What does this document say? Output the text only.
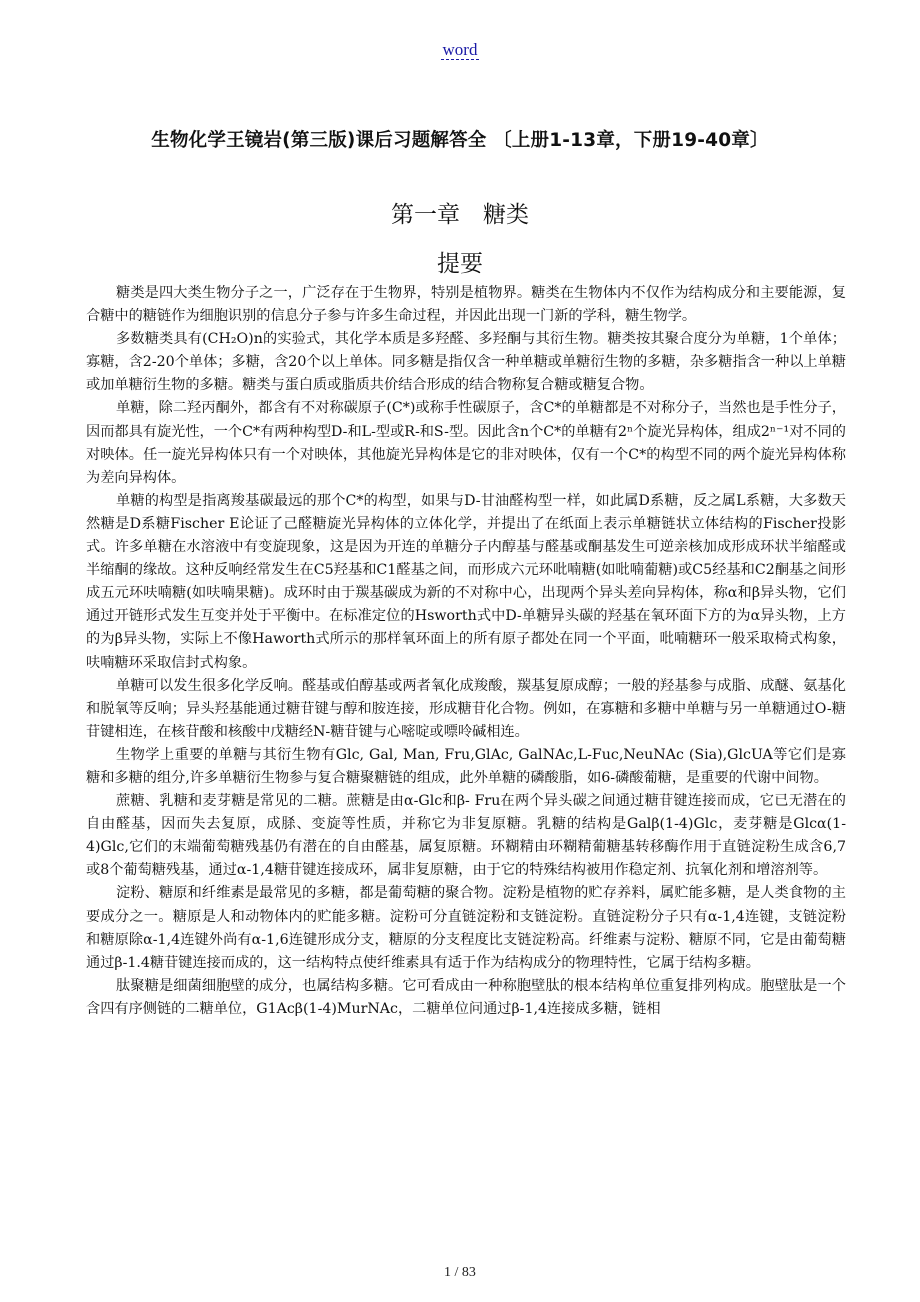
word
生物化学王镜岩(第三版)课后习题解答全 〔上册1-13章，下册19-40章〕
第一章　糖类
提要

糖类是四大类生物分子之一，广泛存在于生物界，特别是植物界。糖类在生物体内不仅作为结构成分和主要能源，复合糖中的糖链作为细胞识别的信息分子参与许多生命过程，并因此出现一门新的学科，糖生物学。

多数糖类具有(CH₂O)n的实验式，其化学本质是多羟醛、多羟酮与其衍生物。糖类按其聚合度分为单糖，1个单体；寡糖，含2-20个单体；多糖，含20个以上单体。同多糖是指仅含一种单糖或单糖衍生物的多糖，杂多糖指含一种以上单糖或加单糖衍生物的多糖。糖类与蛋白质或脂质共价结合形成的结合物称复合糖或糖复合物。

单糖，除二羟丙酮外，都含有不对称碳原子(C*)或称手性碳原子，含C*的单糖都是不对称分子，当然也是手性分子，因而都具有旋光性，一个C*有两种构型D-和L-型或R-和S-型。因此含n个C*的单糖有2ⁿ个旋光异构体，组成2ⁿ⁻¹对不同的对映体。任一旋光异构体只有一个对映体，其他旋光异构体是它的非对映体，仅有一个C*的构型不同的两个旋光异构体称为差向异构体。

单糖的构型是指离羧基碳最远的那个C*的构型，如果与D-甘油醛构型一样，如此属D系糖，反之属L系糖，大多数天然糖是D系糖Fischer E论证了己醛糖旋光异构体的立体化学，并提出了在纸面上表示单糖链状立体结构的Fischer投影式。许多单糖在水溶液中有变旋现象，这是因为开连的单糖分子内醇基与醛基或酮基发生可逆亲核加成形成环状半缩醛或半缩酮的缘故。这种反响经常发生在C5羟基和C1醛基之间，而形成六元环吡喃糖(如吡喃葡糖)或C5经基和C2酮基之间形成五元环呋喃糖(如呋喃果糖)。成环时由于羰基碳成为新的不对称中心，出现两个异头差向异构体，称α和β异头物，它们通过开链形式发生互变并处于平衡中。在标准定位的Hsworth式中D-单糖异头碳的羟基在氧环面下方的为α异头物，上方的为β异头物，实际上不像Haworth式所示的那样氧环面上的所有原子都处在同一个平面，吡喃糖环一般采取椅式构象，呋喃糖环采取信封式构象。

单糖可以发生很多化学反响。醛基或伯醇基或两者氧化成羧酸，羰基复原成醇；一般的羟基参与成脂、成醚、氨基化和脱氧等反响；异头羟基能通过糖苷键与醇和胺连接，形成糖苷化合物。例如，在寡糖和多糖中单糖与另一单糖通过O-糖苷键相连，在核苷酸和核酸中戊糖经N-糖苷键与心嘧啶或嘌呤碱相连。

生物学上重要的单糖与其衍生物有Glc, Gal, Man, Fru,GlAc, GalNAc,L-Fuc,NeuNAc (Sia),GlcUA等它们是寡糖和多糖的组分,许多单糖衍生物参与复合糖聚糖链的组成，此外单糖的磷酸脂，如6-磷酸葡糖，是重要的代谢中间物。

蔗糖、乳糖和麦芽糖是常见的二糖。蔗糖是由α-Glc和β- Fru在两个异头碳之间通过糖苷键连接而成，它已无潜在的自由醛基，因而失去复原，成脎、变旋等性质，并称它为非复原糖。乳糖的结构是Galβ(1-4)Glc，麦芽糖是Glcα(1-4)Glc,它们的末端葡萄糖残基仍有潜在的自由醛基，属复原糖。环糊精由环糊精葡糖基转移酶作用于直链淀粉生成含6,7或8个葡萄糖残基，通过α-1,4糖苷键连接成环，属非复原糖，由于它的特殊结构被用作稳定剂、抗氧化剂和增溶剂等。

淀粉、糖原和纤维素是最常见的多糖，都是葡萄糖的聚合物。淀粉是植物的贮存养料，属贮能多糖，是人类食物的主要成分之一。糖原是人和动物体内的贮能多糖。淀粉可分直链淀粉和支链淀粉。直链淀粉分子只有α-1,4连键，支链淀粉和糖原除α-1,4连键外尚有α-1,6连键形成分支，糖原的分支程度比支链淀粉高。纤维素与淀粉、糖原不同，它是由葡萄糖通过β-1.4糖苷键连接而成的，这一结构特点使纤维素具有适于作为结构成分的物理特性，它属于结构多糖。

肽聚糖是细菌细胞壁的成分，也属结构多糖。它可看成由一种称胞壁肽的根本结构单位重复排列构成。胞壁肽是一个含四有序侧链的二糖单位，G1Acβ(1-4)MurNAc，二糖单位问通过β-1,4连接成多糖，链相

1 / 83
